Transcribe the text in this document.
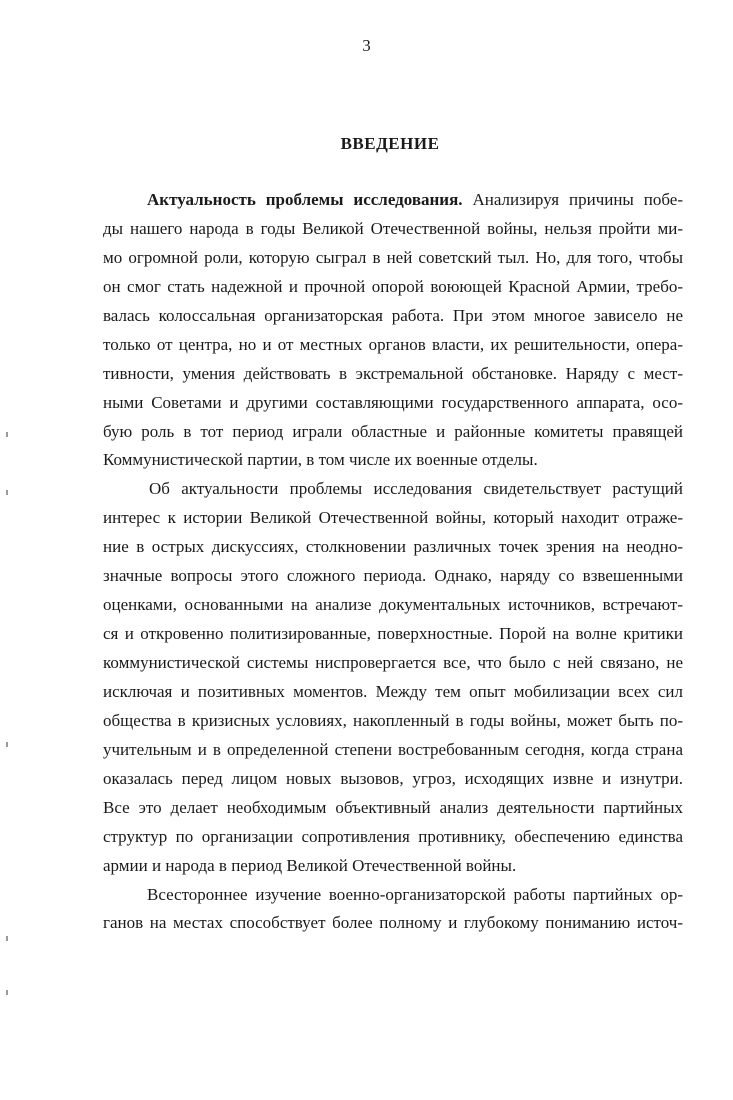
3
ВВЕДЕНИЕ
Актуальность проблемы исследования. Анализируя причины побе-
ды нашего народа в годы Великой Отечественной войны, нельзя пройти ми-
мо огромной роли, которую сыграл в ней советский тыл. Но, для того, чтобы
он смог стать надежной и прочной опорой воюющей Красной Армии, требо-
валась колоссальная организаторская работа. При этом многое зависело не
только от центра, но и от местных органов власти, их решительности, опера-
тивности, умения действовать в экстремальной обстановке. Наряду с мест-
ными Советами и другими составляющими государственного аппарата, осо-
бую роль в тот период играли областные и районные комитеты правящей
Коммунистической партии, в том числе их военные отделы.
Об актуальности проблемы исследования свидетельствует растущий
интерес к истории Великой Отечественной войны, который находит отраже-
ние в острых дискуссиях, столкновении различных точек зрения на неодно-
значные вопросы этого сложного периода. Однако, наряду со взвешенными
оценками, основанными на анализе документальных источников, встречают-
ся и откровенно политизированные, поверхностные. Порой на волне критики
коммунистической системы ниспровергается все, что было с ней связано, не
исключая и позитивных моментов. Между тем опыт мобилизации всех сил
общества в кризисных условиях, накопленный в годы войны, может быть по-
учительным и в определенной степени востребованным сегодня, когда страна
оказалась перед лицом новых вызовов, угроз, исходящих извне и изнутри.
Все это делает необходимым объективный анализ деятельности партийных
структур по организации сопротивления противнику, обеспечению единства
армии и народа в период Великой Отечественной войны.
Всестороннее изучение военно-организаторской работы партийных ор-
ганов на местах способствует более полному и глубокому пониманию источ-
